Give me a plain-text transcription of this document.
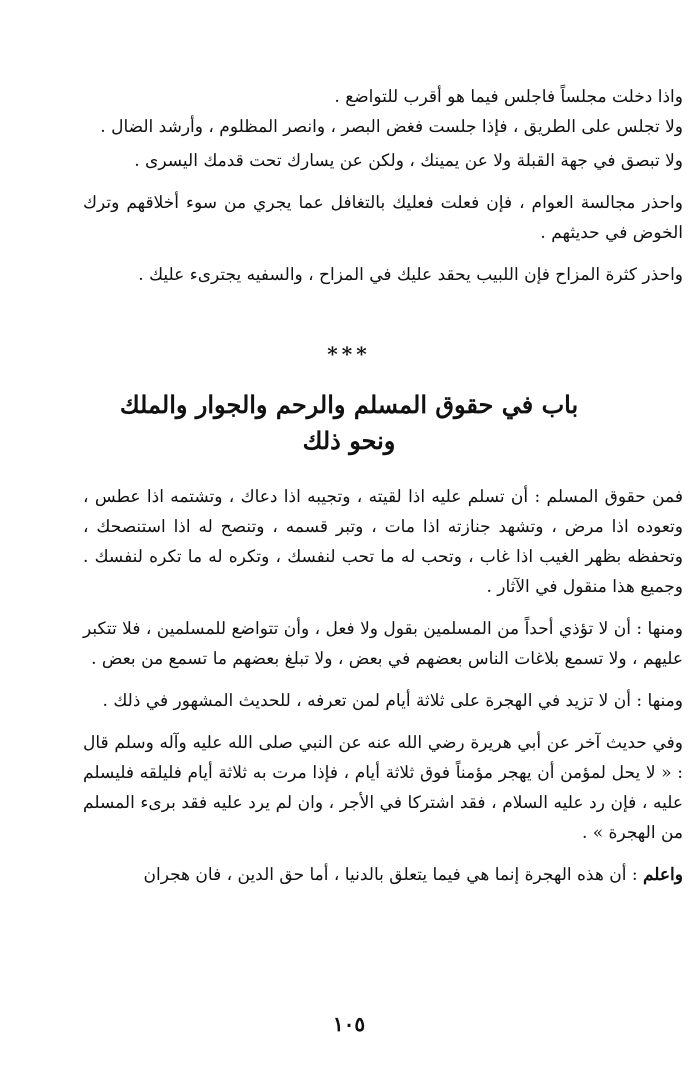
واذا دخلت مجلساً فاجلس فيما هو أقرب للتواضع .

ولا تجلس على الطريق ، فإذا جلست فغض البصر ، وانصر المظلوم ، وأرشد الضال .

ولا تبصق في جهة القبلة ولا عن يمينك ، ولكن عن يسارك تحت قدمك اليسرى .

واحذر مجالسة العوام ، فإن فعلت فعليك بالتغافل عما يجري من سوء أخلاقهم وترك الخوض في حديثهم .

واحذر كثرة المزاح فإن اللبيب يحقد عليك في المزاح ، والسفيه يجترىء عليك .

***
باب في حقوق المسلم والرحم والجوار والملك
ونحو ذلك

فمن حقوق المسلم : أن تسلم عليه اذا لقيته ، وتجيبه اذا دعاك ، وتشتمه اذا عطس ، وتعوده اذا مرض ، وتشهد جنازته اذا مات ، وتبر قسمه ، وتنصح له اذا استنصحك ، وتحفظه بظهر الغيب اذا غاب ، وتحب له ما تحب لنفسك ، وتكره له ما تكره لنفسك . وجميع هذا منقول في الآثار .

ومنها : أن لا تؤذي أحداً من المسلمين بقول ولا فعل ، وأن تتواضع للمسلمين ، فلا تتكبر عليهم ، ولا تسمع بلاغات الناس بعضهم في بعض ، ولا تبلغ بعضهم ما تسمع من بعض .

ومنها : أن لا تزيد في الهجرة على ثلاثة أيام لمن تعرفه ، للحديث المشهور في ذلك .

وفي حديث آخر عن أبي هريرة رضي الله عنه عن النبي صلى الله عليه وآله وسلم قال : « لا يحل لمؤمن أن يهجر مؤمناً فوق ثلاثة أيام ، فإذا مرت به ثلاثة أيام فليلقه فليسلم عليه ، فإن رد عليه السلام ، فقد اشتركا في الأجر ، وان لم يرد عليه فقد برىء المسلم من الهجرة » .

واعلم : أن هذه الهجرة إنما هي فيما يتعلق بالدنيا ، أما حق الدين ، فان هجران

١٠٥
